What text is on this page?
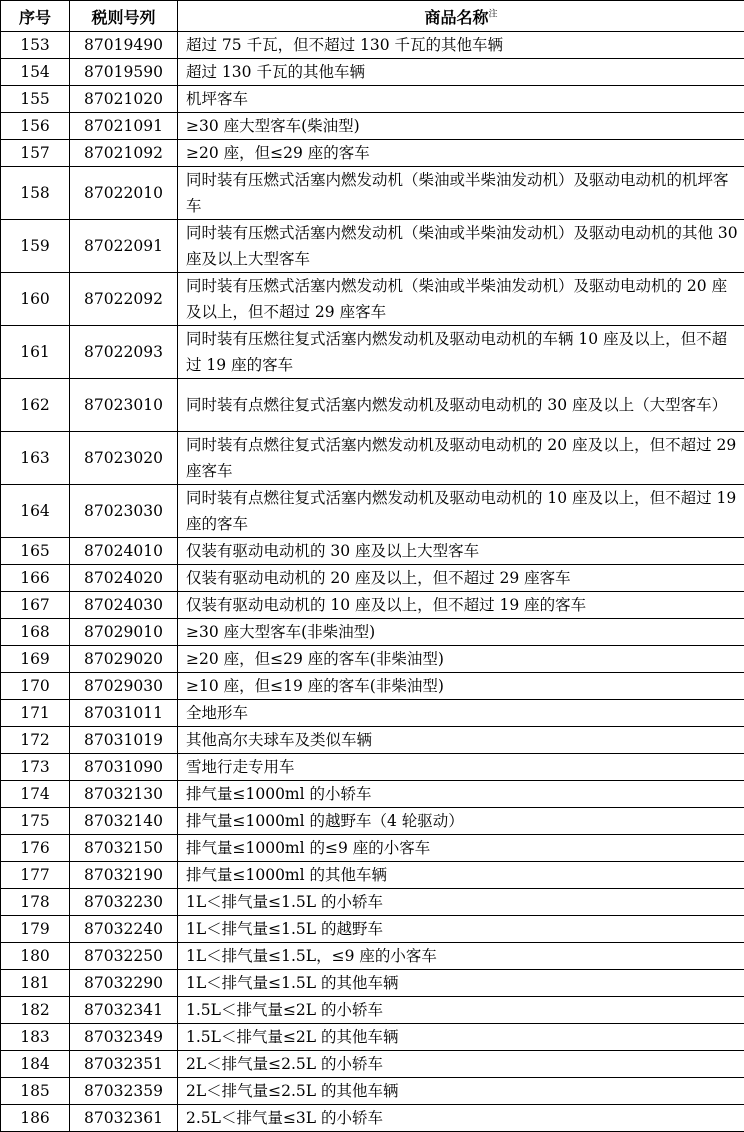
序号	税则号列	商品名称$^注$
153	87019490	超过 75 千瓦，但不超过 130 千瓦的其他车辆
154	87019590	超过 130 千瓦的其他车辆
155	87021020	机坪客车
156	87021091	≥30 座大型客车(柴油型)
157	87021092	≥20 座，但≤29 座的客车
158	87022010	同时装有压燃式活塞内燃发动机（柴油或半柴油发动机）及驱动电动机的机坪客车
159	87022091	同时装有压燃式活塞内燃发动机（柴油或半柴油发动机）及驱动电动机的其他 30 座及以上大型客车
160	87022092	同时装有压燃式活塞内燃发动机（柴油或半柴油发动机）及驱动电动机的 20 座及以上，但不超过 29 座客车
161	87022093	同时装有压燃往复式活塞内燃发动机及驱动电动机的车辆 10 座及以上，但不超过 19 座的客车
162	87023010	同时装有点燃往复式活塞内燃发动机及驱动电动机的 30 座及以上（大型客车）
163	87023020	同时装有点燃往复式活塞内燃发动机及驱动电动机的 20 座及以上，但不超过 29 座客车
164	87023030	同时装有点燃往复式活塞内燃发动机及驱动电动机的 10 座及以上，但不超过 19 座的客车
165	87024010	仅装有驱动电动机的 30 座及以上大型客车
166	87024020	仅装有驱动电动机的 20 座及以上，但不超过 29 座客车
167	87024030	仅装有驱动电动机的 10 座及以上，但不超过 19 座的客车
168	87029010	≥30 座大型客车(非柴油型)
169	87029020	≥20 座，但≤29 座的客车(非柴油型)
170	87029030	≥10 座，但≤19 座的客车(非柴油型)
171	87031011	全地形车
172	87031019	其他高尔夫球车及类似车辆
173	87031090	雪地行走专用车
174	87032130	排气量≤1000ml 的小轿车
175	87032140	排气量≤1000ml 的越野车（4 轮驱动）
176	87032150	排气量≤1000ml 的≤9 座的小客车
177	87032190	排气量≤1000ml 的其他车辆
178	87032230	1L＜排气量≤1.5L 的小轿车
179	87032240	1L＜排气量≤1.5L 的越野车
180	87032250	1L＜排气量≤1.5L，≤9 座的小客车
181	87032290	1L＜排气量≤1.5L 的其他车辆
182	87032341	1.5L＜排气量≤2L 的小轿车
183	87032349	1.5L＜排气量≤2L 的其他车辆
184	87032351	2L＜排气量≤2.5L 的小轿车
185	87032359	2L＜排气量≤2.5L 的其他车辆
186	87032361	2.5L＜排气量≤3L 的小轿车
